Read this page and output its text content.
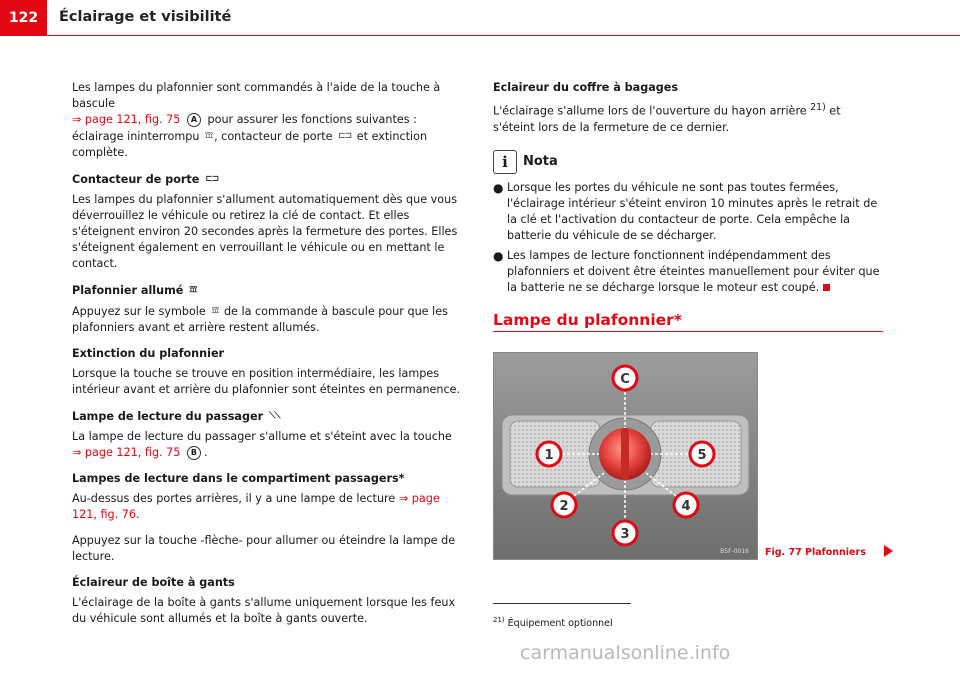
122	Éclairage et visibilité

Les lampes du plafonnier sont commandés à l'aide de la touche à bascule
⇒ page 121, fig. 75 A pour assurer les fonctions suivantes : éclairage ininterrompu ⟟⟟⟟ , contacteur de porte ⊏⊐ et extinction complète.

Contacteur de porte ⊏⊐

Les lampes du plafonnier s'allument automatiquement dès que vous déverrouillez le véhicule ou retirez la clé de contact. Et elles s'éteignent environ 20 secondes après la fermeture des portes. Elles s'éteignent également en verrouillant le véhicule ou en mettant le contact.

Plafonnier allumé ⟟⟟⟟

Appuyez sur le symbole ⟟⟟⟟ de la commande à bascule pour que les plafonniers avant et arrière restent allumés.

Extinction du plafonnier

Lorsque la touche se trouve en position intermédiaire, les lampes intérieur avant et arrière du plafonnier sont éteintes en permanence.

Lampe de lecture du passager ⟍⟍

La lampe de lecture du passager s'allume et s'éteint avec la touche
⇒ page 121, fig. 75 B .

Lampes de lecture dans le compartiment passagers*

Au-dessus des portes arrières, il y a une lampe de lecture ⇒ page 121, fig. 76.

Appuyez sur la touche -flèche- pour allumer ou éteindre la lampe de lecture.

Éclaireur de boîte à gants

L'éclairage de la boîte à gants s'allume uniquement lorsque les feux du véhicule sont allumés et la boîte à gants ouverte.

Eclaireur du coffre à bagages

L'éclairage s'allume lors de l'ouverture du hayon arrière $^{21)}$ et s'éteint lors de la fermeture de ce dernier.

i	Nota
● Lorsque les portes du véhicule ne sont pas toutes fermées, l'éclairage intérieur s'éteint environ 10 minutes après le retrait de la clé et l'activation du contacteur de porte. Cela empêche la batterie du véhicule de se décharger.
● Les lampes de lecture fonctionnent indépendamment des plafonniers et doivent être éteintes manuellement pour éviter que la batterie ne se décharge lorsque le moteur est coupé.
Lampe du plafonnier*
C
1	5
2	4
3
B5F-0016 Fig. 77 Plafonniers
$^{21)}$ Équipement optionnel
carmanualsonline.info
